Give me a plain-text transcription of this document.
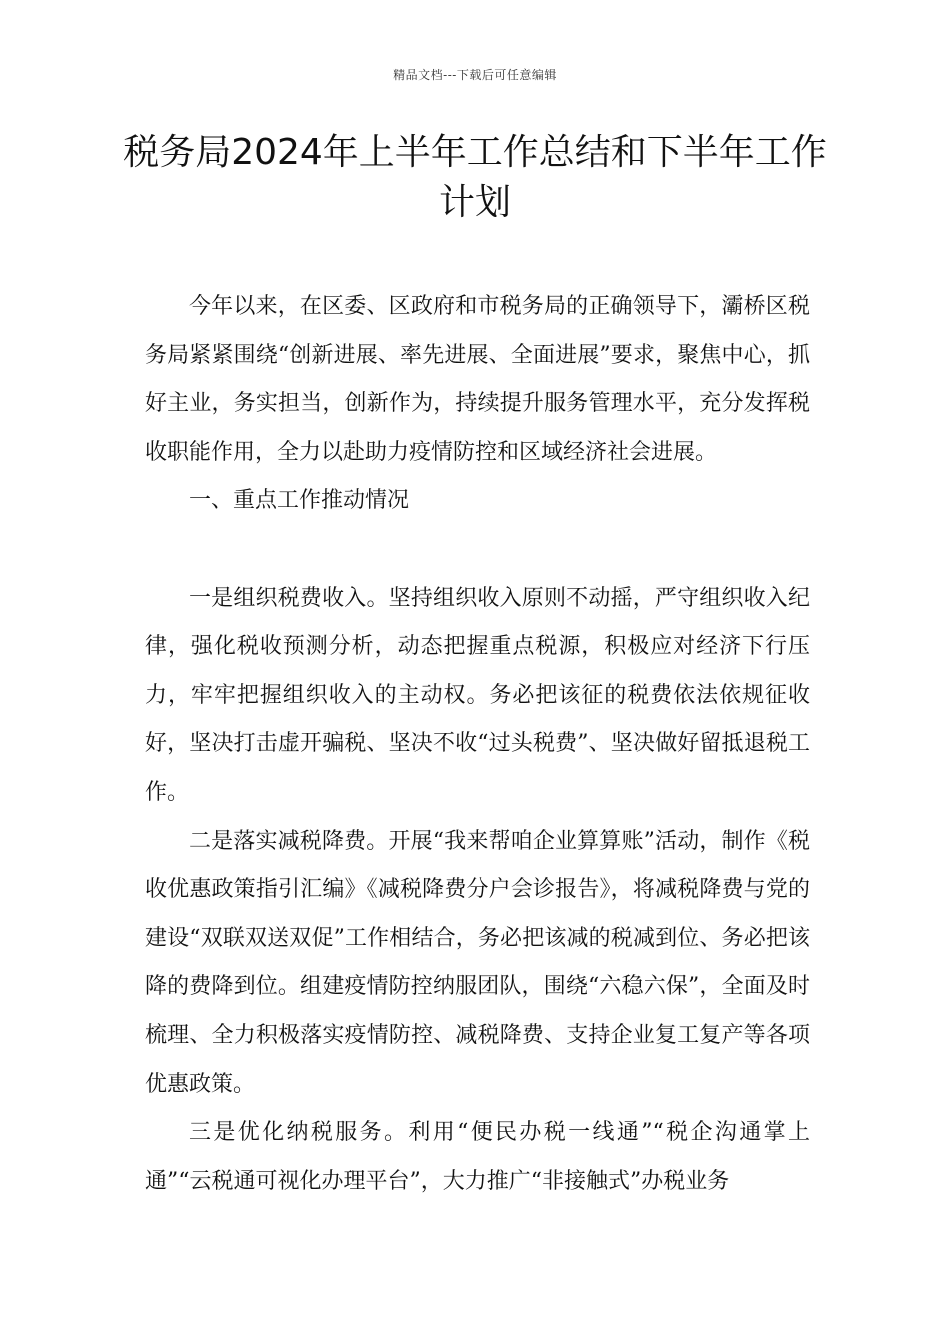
精品文档---下载后可任意编辑
税务局2024年上半年工作总结和下半年工作计划

今年以来，在区委、区政府和市税务局的正确领导下，灞桥区税务局紧紧围绕“创新进展、率先进展、全面进展”要求，聚焦中心，抓好主业，务实担当，创新作为，持续提升服务管理水平，充分发挥税收职能作用，全力以赴助力疫情防控和区域经济社会进展。

一、重点工作推动情况

一是组织税费收入。坚持组织收入原则不动摇，严守组织收入纪律，强化税收预测分析，动态把握重点税源，积极应对经济下行压力，牢牢把握组织收入的主动权。务必把该征的税费依法依规征收好，坚决打击虚开骗税、坚决不收“过头税费”、坚决做好留抵退税工作。

二是落实减税降费。开展“我来帮咱企业算算账”活动，制作《税收优惠政策指引汇编》《减税降费分户会诊报告》，将减税降费与党的建设“双联双送双促”工作相结合，务必把该减的税减到位、务必把该降的费降到位。组建疫情防控纳服团队，围绕“六稳六保”，全面及时梳理、全力积极落实疫情防控、减税降费、支持企业复工复产等各项优惠政策。

三是优化纳税服务。利用“便民办税一线通”“税企沟通掌上通”“云税通可视化办理平台”，大力推广“非接触式”办税业务
